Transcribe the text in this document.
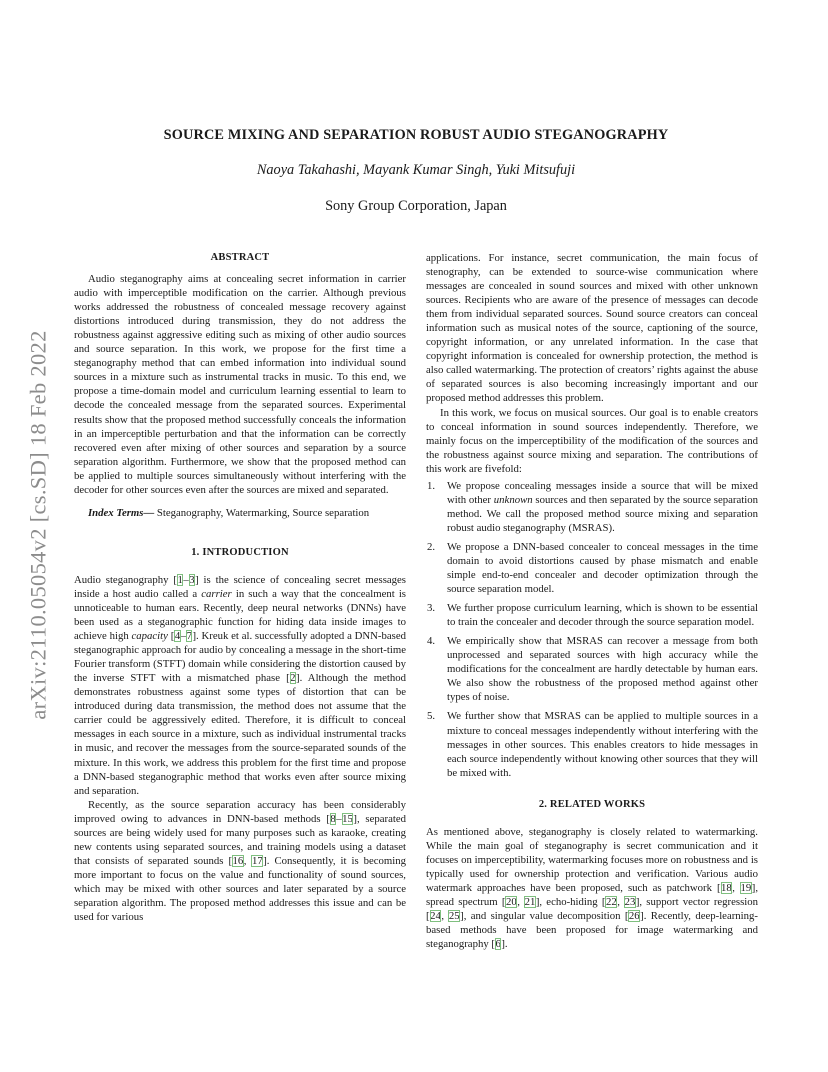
arXiv:2110.05054v2 [cs.SD] 18 Feb 2022
SOURCE MIXING AND SEPARATION ROBUST AUDIO STEGANOGRAPHY
Naoya Takahashi, Mayank Kumar Singh, Yuki Mitsufuji
Sony Group Corporation, Japan
ABSTRACT

Audio steganography aims at concealing secret information in carrier audio with imperceptible modification on the carrier. Although previous works addressed the robustness of concealed message recovery against distortions introduced during transmission, they do not address the robustness against aggressive editing such as mixing of other audio sources and source separation. In this work, we propose for the first time a steganography method that can embed information into individual sound sources in a mixture such as instrumental tracks in music. To this end, we propose a time-domain model and curriculum learning essential to learn to decode the concealed message from the separated sources. Experimental results show that the proposed method successfully conceals the information in an imperceptible perturbation and that the information can be correctly recovered even after mixing of other sources and separation by a source separation algorithm. Furthermore, we show that the proposed method can be applied to multiple sources simultaneously without interfering with the decoder for other sources even after the sources are mixed and separated.

Index Terms— Steganography, Watermarking, Source separation

1. INTRODUCTION

Audio steganography [1–3] is the science of concealing secret messages inside a host audio called a carrier in such a way that the concealment is unnoticeable to human ears. Recently, deep neural networks (DNNs) have been used as a steganographic function for hiding data inside images to achieve high capacity [4–7]. Kreuk et al. successfully adopted a DNN-based steganographic approach for audio by concealing a message in the short-time Fourier transform (STFT) domain while considering the distortion caused by the inverse STFT with a mismatched phase [2]. Although the method demonstrates robustness against some types of distortion that can be introduced during data transmission, the method does not assume that the carrier could be aggressively edited. Therefore, it is difficult to conceal messages in each source in a mixture, such as individual instrumental tracks in music, and recover the messages from the source-separated sounds of the mixture. In this work, we address this problem for the first time and propose a DNN-based steganographic method that works even after source mixing and separation.

Recently, as the source separation accuracy has been considerably improved owing to advances in DNN-based methods [8–15], separated sources are being widely used for many purposes such as karaoke, creating new contents using separated sources, and training models using a dataset that consists of separated sounds [16, 17]. Consequently, it is becoming more important to focus on the value and functionality of sound sources, which may be mixed with other sources and later separated by a source separation algorithm. The proposed method addresses this issue and can be used for various

applications. For instance, secret communication, the main focus of stenography, can be extended to source-wise communication where messages are concealed in sound sources and mixed with other unknown sources. Recipients who are aware of the presence of messages can decode them from individual separated sources. Sound source creators can conceal information such as musical notes of the source, captioning of the source, copyright information, or any unrelated information. In the case that copyright information is concealed for ownership protection, the method is also called watermarking. The protection of creators’ rights against the abuse of separated sources is also becoming increasingly important and our proposed method addresses this problem.

In this work, we focus on musical sources. Our goal is to enable creators to conceal information in sound sources independently. Therefore, we mainly focus on the imperceptibility of the modification of the sources and the robustness against source mixing and separation. The contributions of this work are fivefold:

1. We propose concealing messages inside a source that will be mixed with other unknown sources and then separated by the source separation method. We call the proposed method source mixing and separation robust audio steganography (MSRAS).
2. We propose a DNN-based concealer to conceal messages in the time domain to avoid distortions caused by phase mismatch and enable simple end-to-end concealer and decoder optimization through the source separation model.
3. We further propose curriculum learning, which is shown to be essential to train the concealer and decoder through the source separation model.
4. We empirically show that MSRAS can recover a message from both unprocessed and separated sources with high accuracy while the modifications for the concealment are hardly detectable by human ears. We also show the robustness of the proposed method against other types of noise.
5. We further show that MSRAS can be applied to multiple sources in a mixture to conceal messages independently without interfering with the messages in other sources. This enables creators to hide messages in each source independently without knowing other sources that they will be mixed with.
2. RELATED WORKS

As mentioned above, steganography is closely related to watermarking. While the main goal of steganography is secret communication and it focuses on imperceptibility, watermarking focuses more on robustness and is typically used for ownership protection and verification. Various audio watermark approaches have been proposed, such as patchwork [18, 19], spread spectrum [20, 21], echo-hiding [22, 23], support vector regression [24, 25], and singular value decomposition [26]. Recently, deep-learning-based methods have been proposed for image watermarking and steganography [6].
